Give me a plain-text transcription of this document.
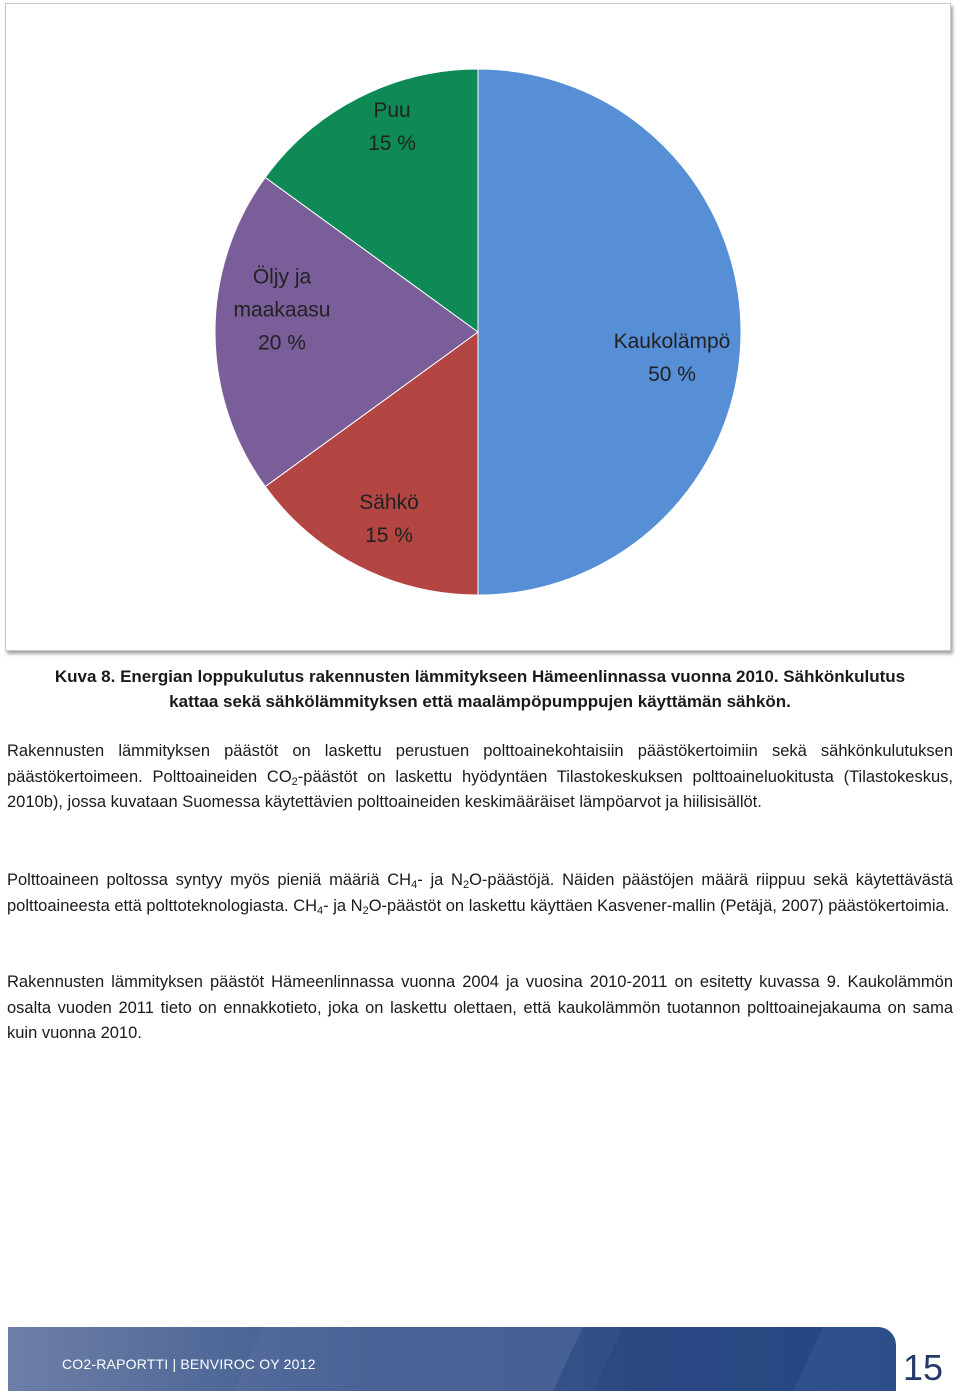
Kaukolämpö
50 %
Sähkö
15 %
Öljy ja
maakaasu
20 %
Puu
15 %
Kuva 8. Energian loppukulutus rakennusten lämmitykseen Hämeenlinnassa vuonna 2010. Sähkönkulutus
kattaa sekä sähkölämmityksen että maalämpöpumppujen käyttämän sähkön.

Rakennusten lämmityksen päästöt on laskettu perustuen polttoainekohtaisiin päästökertoimiin sekä sähkönkulutuksen päästökertoimeen. Polttoaineiden $CO_2$-päästöt on laskettu hyödyntäen Tilastokeskuksen polttoaineluokitusta (Tilastokeskus, 2010b), jossa kuvataan Suomessa käytettävien polttoaineiden keskimääräiset lämpöarvot ja hiilisisällöt.

Polttoaineen poltossa syntyy myös pieniä määriä $CH_4-$ ja $N_2O$-päästöjä. Näiden päästöjen määrä riippuu sekä käytettävästä polttoaineesta että polttoteknologiasta. $CH_4-$ ja $N_2O$-päästöt on laskettu käyttäen Kasvener-mallin (Petäjä, 2007) päästökertoimia.

Rakennusten lämmityksen päästöt Hämeenlinnassa vuonna 2004 ja vuosina 2010-2011 on esitetty kuvassa 9. Kaukolämmön osalta vuoden 2011 tieto on ennakkotieto, joka on laskettu olettaen, että kaukolämmön tuotannon polttoainejakauma on sama kuin vuonna 2010.

CO2-RAPORTTI | BENVIROC OY 2012	15
